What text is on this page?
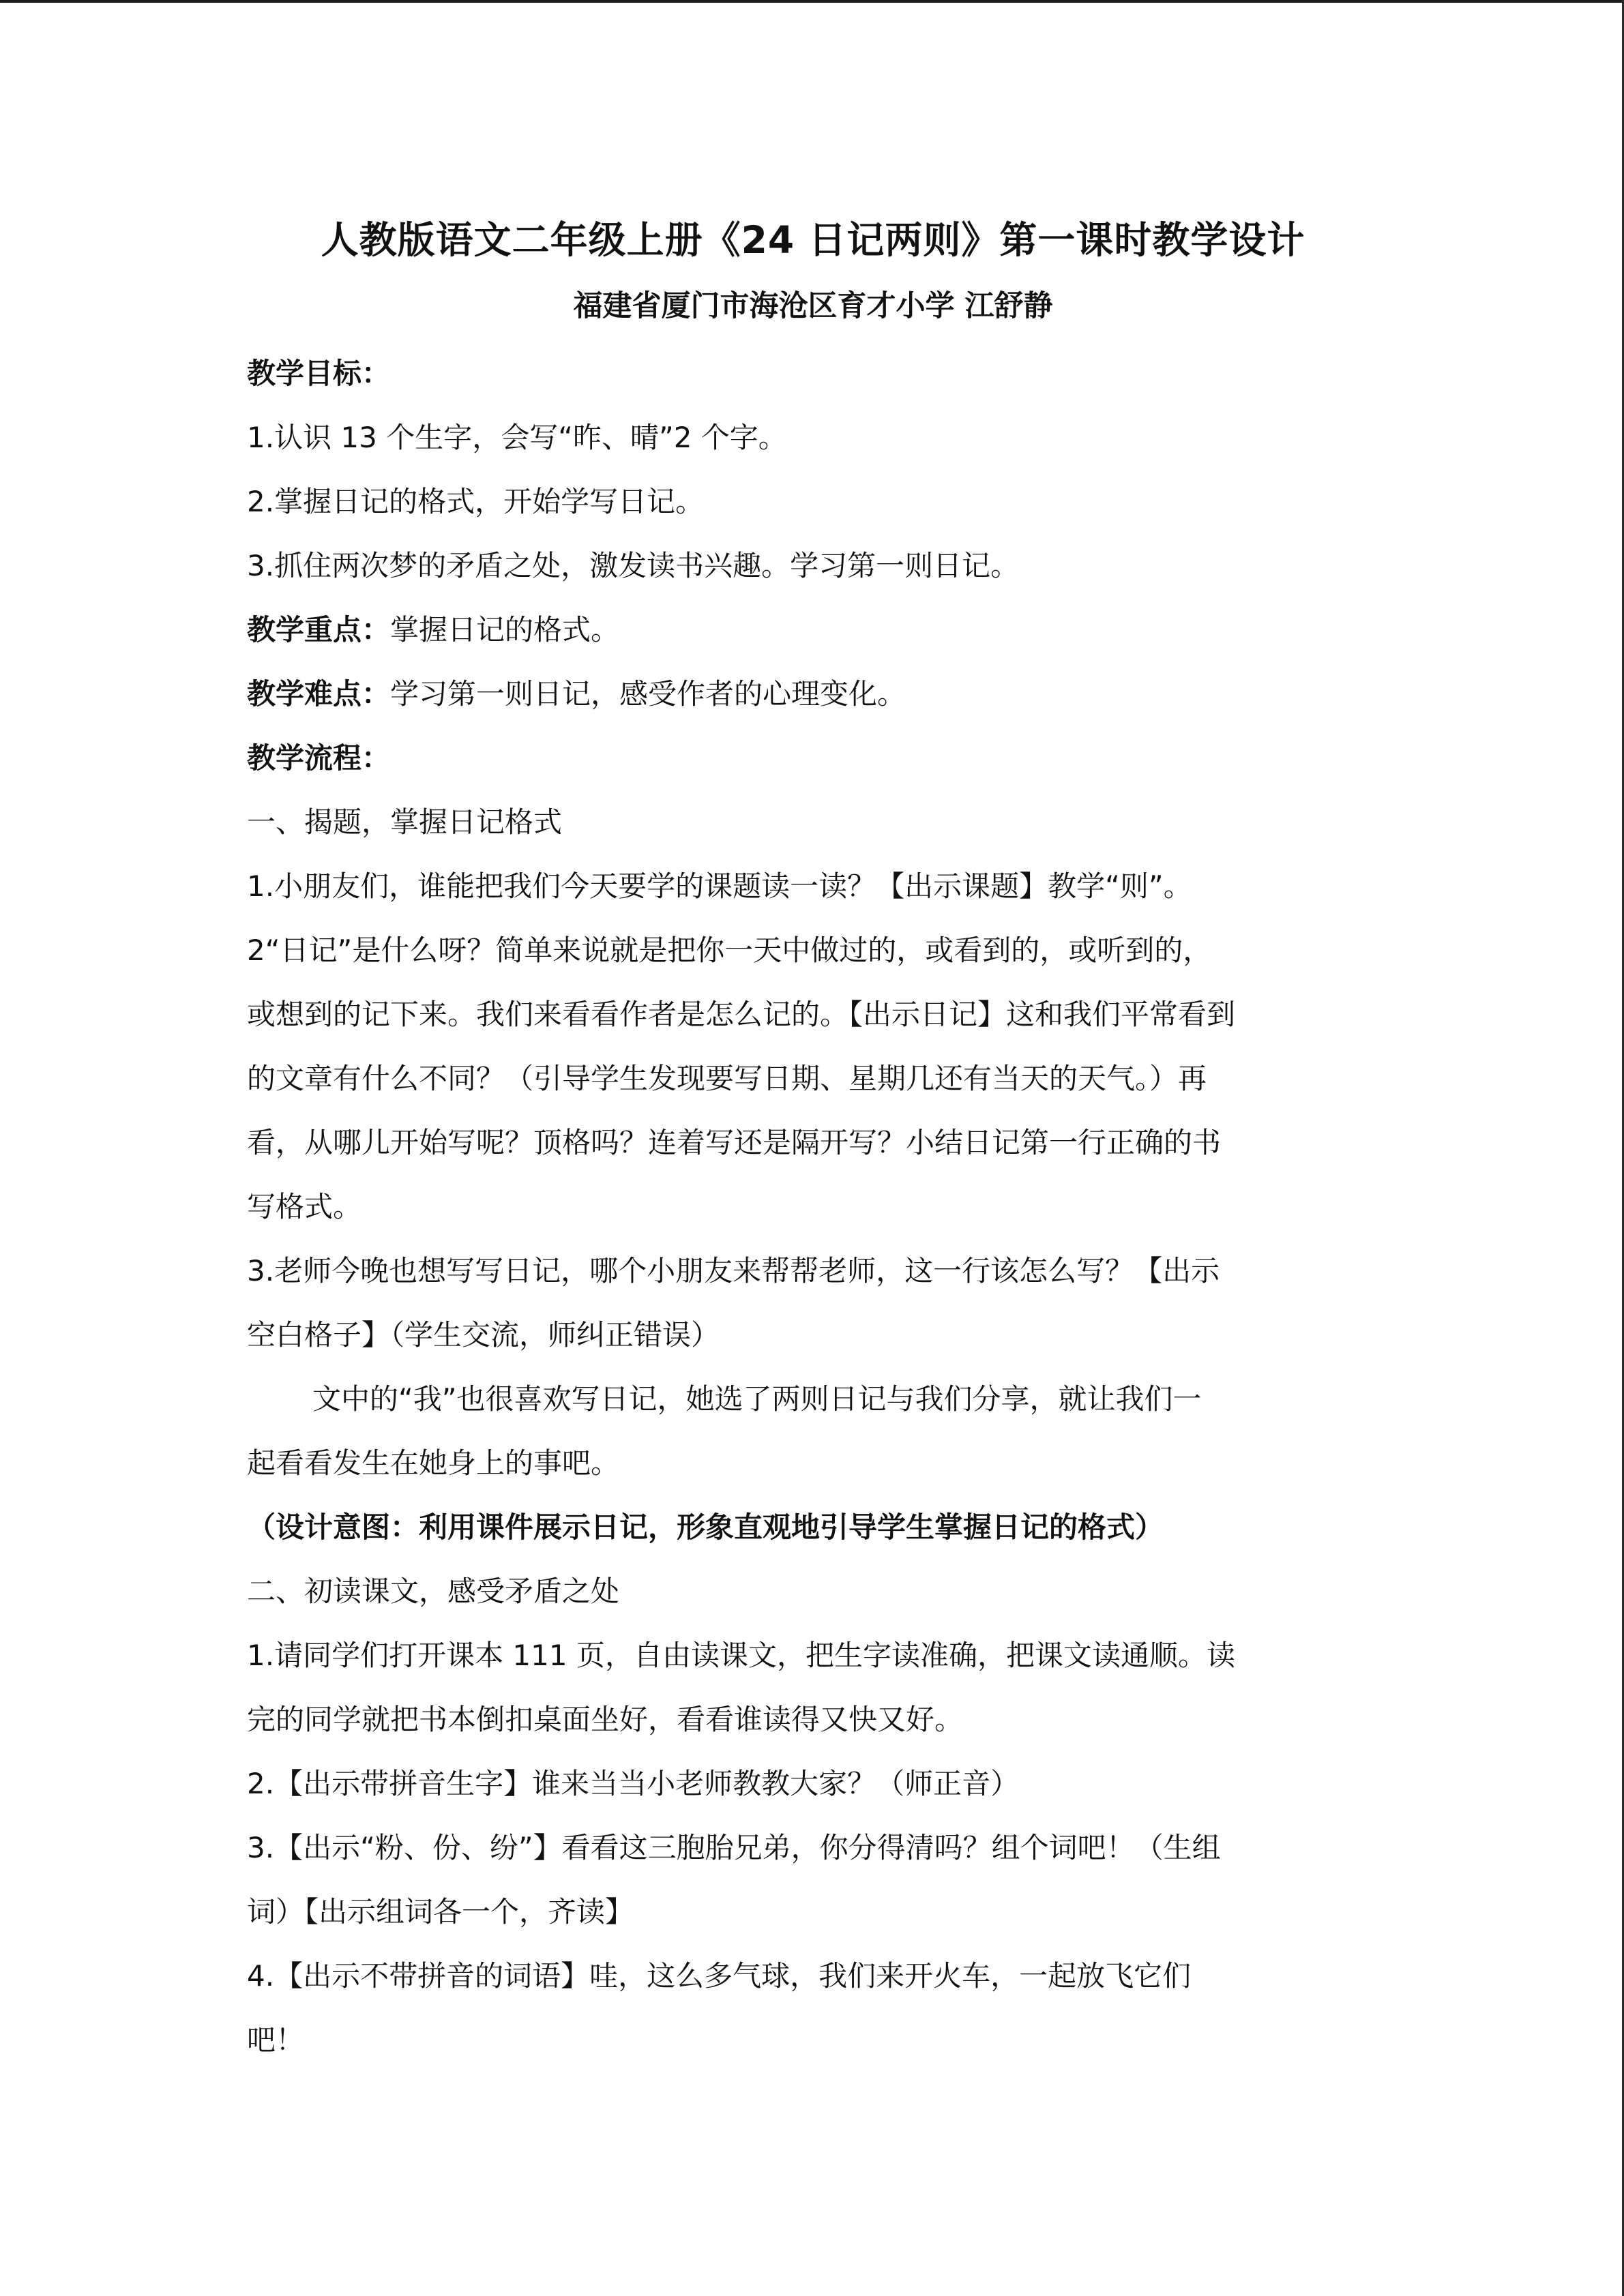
人教版语文二年级上册《24 日记两则》第一课时教学设计

福建省厦门市海沧区育才小学 江舒静

教学目标：

1.认识 13 个生字，会写“昨、晴”2 个字。

2.掌握日记的格式，开始学写日记。

3.抓住两次梦的矛盾之处，激发读书兴趣。学习第一则日记。

教学重点：掌握日记的格式。

教学难点：学习第一则日记，感受作者的心理变化。

教学流程：

一、揭题，掌握日记格式

1.小朋友们，谁能把我们今天要学的课题读一读？【出示课题】教学“则”。

2“日记”是什么呀？简单来说就是把你一天中做过的，或看到的，或听到的，

或想到的记下来。我们来看看作者是怎么记的。【出示日记】这和我们平常看到

的文章有什么不同？（引导学生发现要写日期、星期几还有当天的天气。）再

看，从哪儿开始写呢？顶格吗？连着写还是隔开写？小结日记第一行正确的书

写格式。

3.老师今晚也想写写日记，哪个小朋友来帮帮老师，这一行该怎么写？【出示

空白格子】（学生交流，师纠正错误）

文中的“我”也很喜欢写日记，她选了两则日记与我们分享，就让我们一

起看看发生在她身上的事吧。

（设计意图：利用课件展示日记，形象直观地引导学生掌握日记的格式）

二、初读课文，感受矛盾之处

1.请同学们打开课本 111 页，自由读课文，把生字读准确，把课文读通顺。读

完的同学就把书本倒扣桌面坐好，看看谁读得又快又好。

2.【出示带拼音生字】谁来当当小老师教教大家？（师正音）

3.【出示“粉、份、纷”】看看这三胞胎兄弟，你分得清吗？组个词吧！（生组

词）【出示组词各一个，齐读】

4.【出示不带拼音的词语】哇，这么多气球，我们来开火车，一起放飞它们

吧！
